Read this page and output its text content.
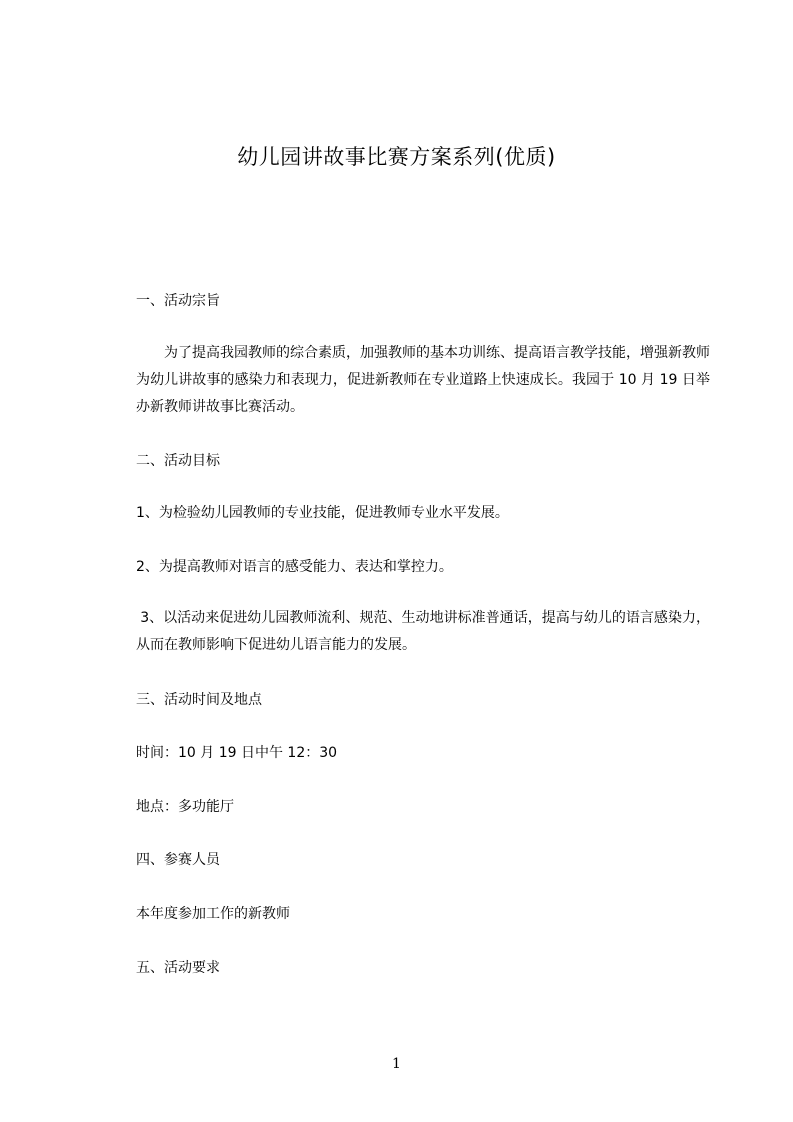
幼儿园讲故事比赛方案系列(优质)
一、活动宗旨
为了提高我园教师的综合素质，加强教师的基本功训练、提高语言教学技能，增强新教师为幼儿讲故事的感染力和表现力，促进新教师在专业道路上快速成长。我园于 10 月 19 日举办新教师讲故事比赛活动。
二、活动目标
1、为检验幼儿园教师的专业技能，促进教师专业水平发展。
2、为提高教师对语言的感受能力、表达和掌控力。
3、以活动来促进幼儿园教师流利、规范、生动地讲标准普通话，提高与幼儿的语言感染力，从而在教师影响下促进幼儿语言能力的发展。
三、活动时间及地点
时间：10 月 19 日中午 12：30
地点：多功能厅
四、参赛人员
本年度参加工作的新教师
五、活动要求
1
